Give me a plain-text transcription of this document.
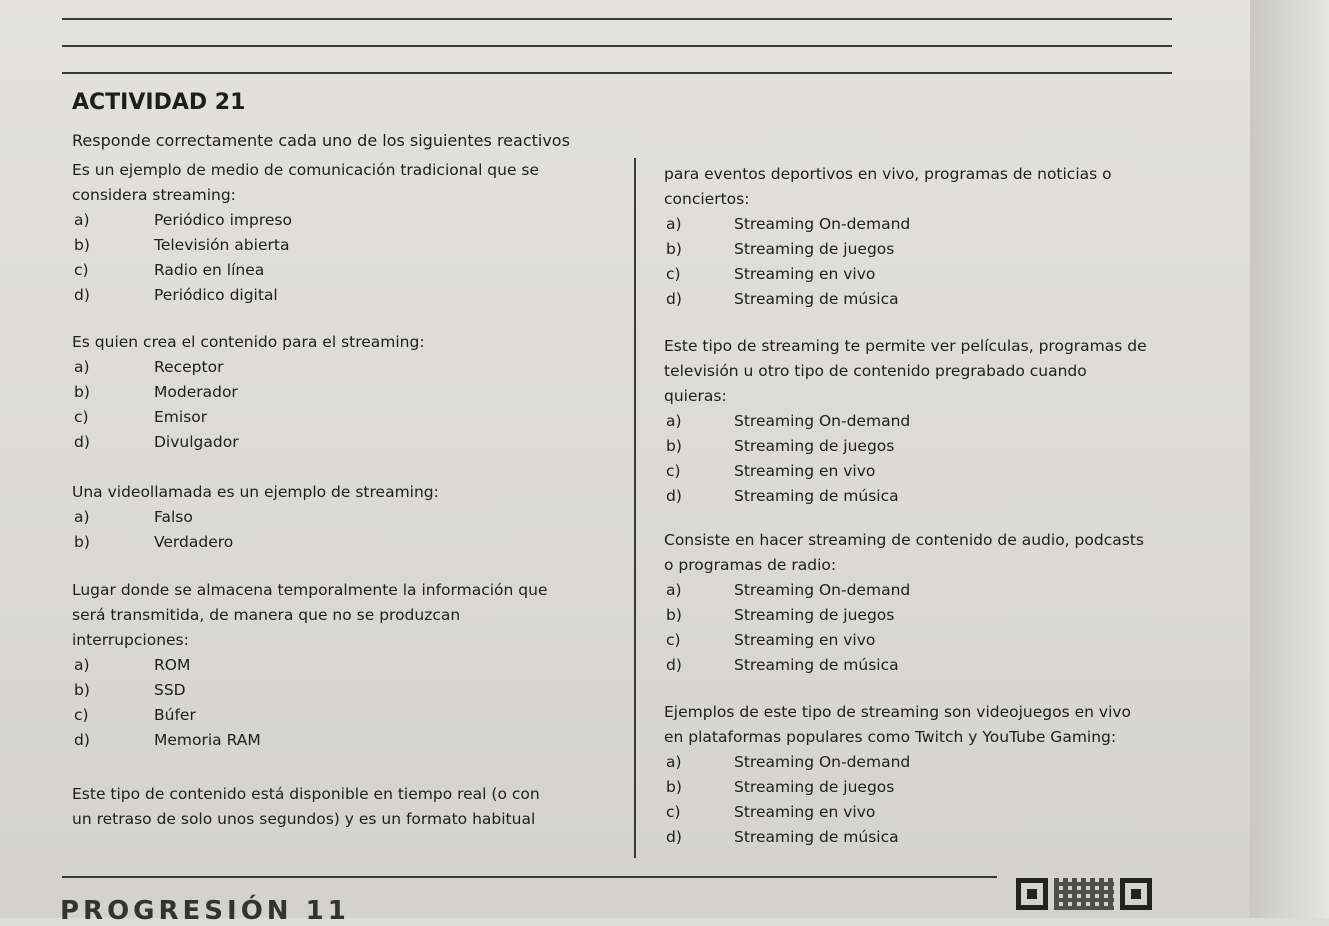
ACTIVIDAD 21
Responde correctamente cada uno de los siguientes reactivos
Es un ejemplo de medio de comunicación tradicional que se
considera streaming:
a)	Periódico impreso
b)	Televisión abierta
c)	Radio en línea
d)	Periódico digital
Es quien crea el contenido para el streaming:
a)	Receptor
b)	Moderador
c)	Emisor
d)	Divulgador
Una videollamada es un ejemplo de streaming:
a)	Falso
b)	Verdadero
Lugar donde se almacena temporalmente la información que
será transmitida, de manera que no se produzcan
interrupciones:
a)	ROM
b)	SSD
c)	Búfer
d)	Memoria RAM
Este tipo de contenido está disponible en tiempo real (o con
un retraso de solo unos segundos) y es un formato habitual
para eventos deportivos en vivo, programas de noticias o
conciertos:
a)	Streaming On-demand
b)	Streaming de juegos
c)	Streaming en vivo
d)	Streaming de música
Este tipo de streaming te permite ver películas, programas de
televisión u otro tipo de contenido pregrabado cuando
quieras:
a)	Streaming On-demand
b)	Streaming de juegos
c)	Streaming en vivo
d)	Streaming de música
Consiste en hacer streaming de contenido de audio, podcasts
o programas de radio:
a)	Streaming On-demand
b)	Streaming de juegos
c)	Streaming en vivo
d)	Streaming de música
Ejemplos de este tipo de streaming son videojuegos en vivo
en plataformas populares como Twitch y YouTube Gaming:
a)	Streaming On-demand
b)	Streaming de juegos
c)	Streaming en vivo
d)	Streaming de música
PROGRESIÓN 11
